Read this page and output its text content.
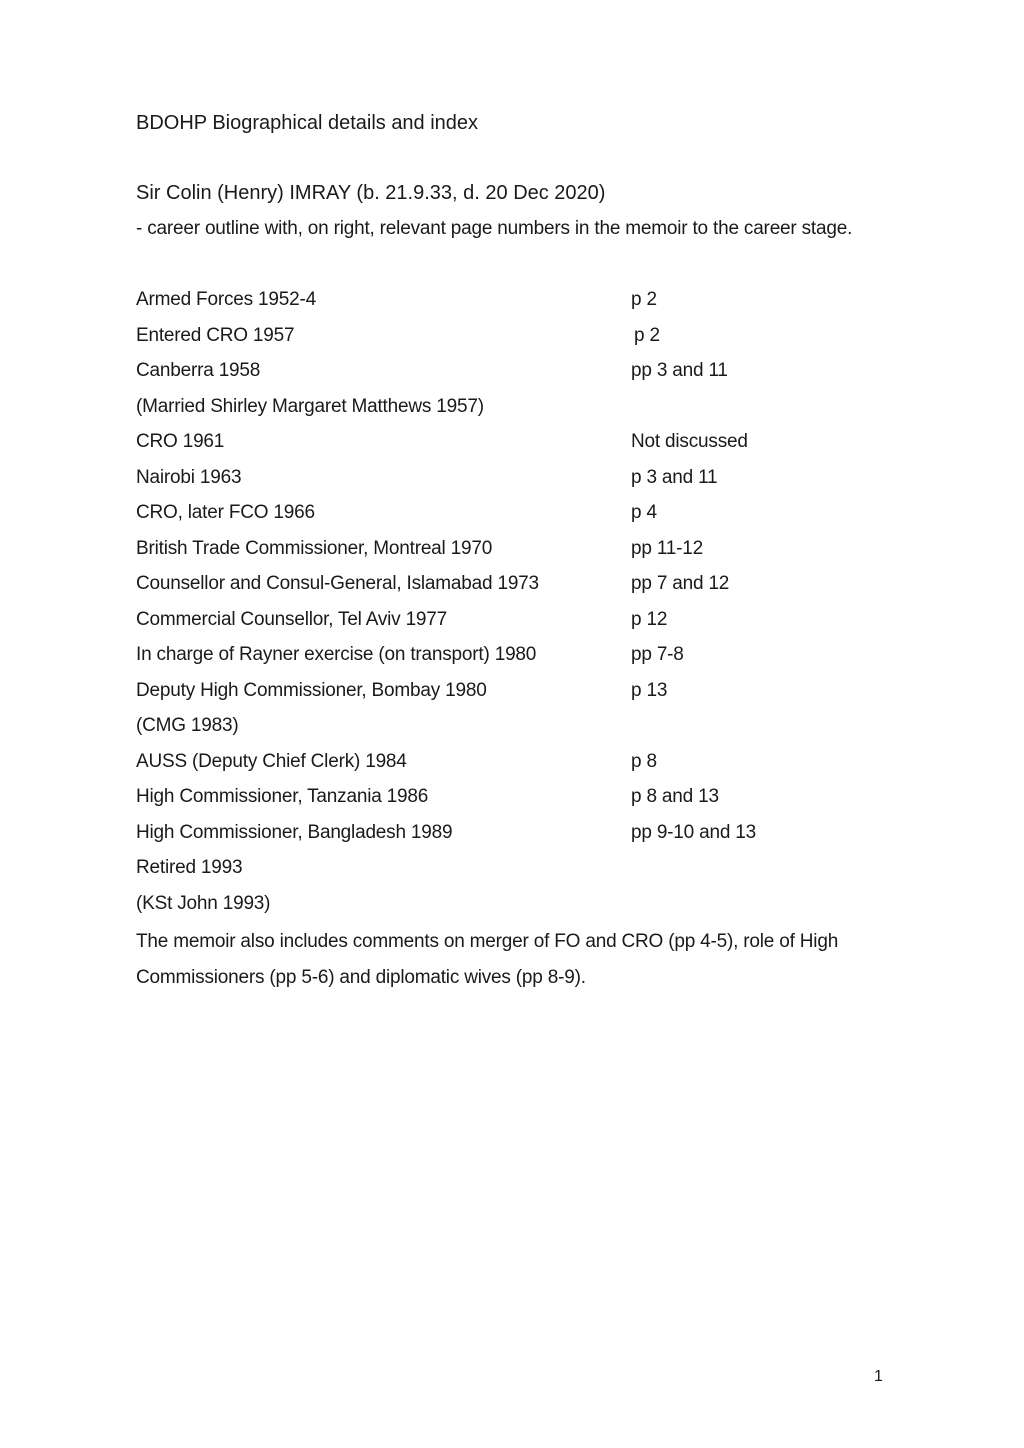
BDOHP Biographical details and index
Sir Colin (Henry) IMRAY (b. 21.9.33, d. 20 Dec 2020)
- career outline with, on right, relevant page numbers in the memoir to the career stage.
Armed Forces 1952-4	p 2
Entered CRO 1957	p 2
Canberra 1958	pp 3 and 11
(Married Shirley Margaret Matthews 1957)
CRO 1961	Not discussed
Nairobi 1963	p 3 and 11
CRO, later FCO 1966	p 4
British Trade Commissioner, Montreal 1970	pp 11-12
Counsellor and Consul-General, Islamabad 1973	pp 7 and 12
Commercial Counsellor, Tel Aviv 1977	p 12
In charge of Rayner exercise (on transport) 1980	pp 7-8
Deputy High Commissioner, Bombay 1980	p 13
(CMG 1983)
AUSS (Deputy Chief Clerk) 1984	p 8
High Commissioner, Tanzania 1986	p 8 and 13
High Commissioner, Bangladesh 1989	pp 9-10 and 13
Retired 1993
(KSt John 1993)
The memoir also includes comments on merger of FO and CRO (pp 4-5), role of High Commissioners (pp 5-6) and diplomatic wives (pp 8-9).
1
